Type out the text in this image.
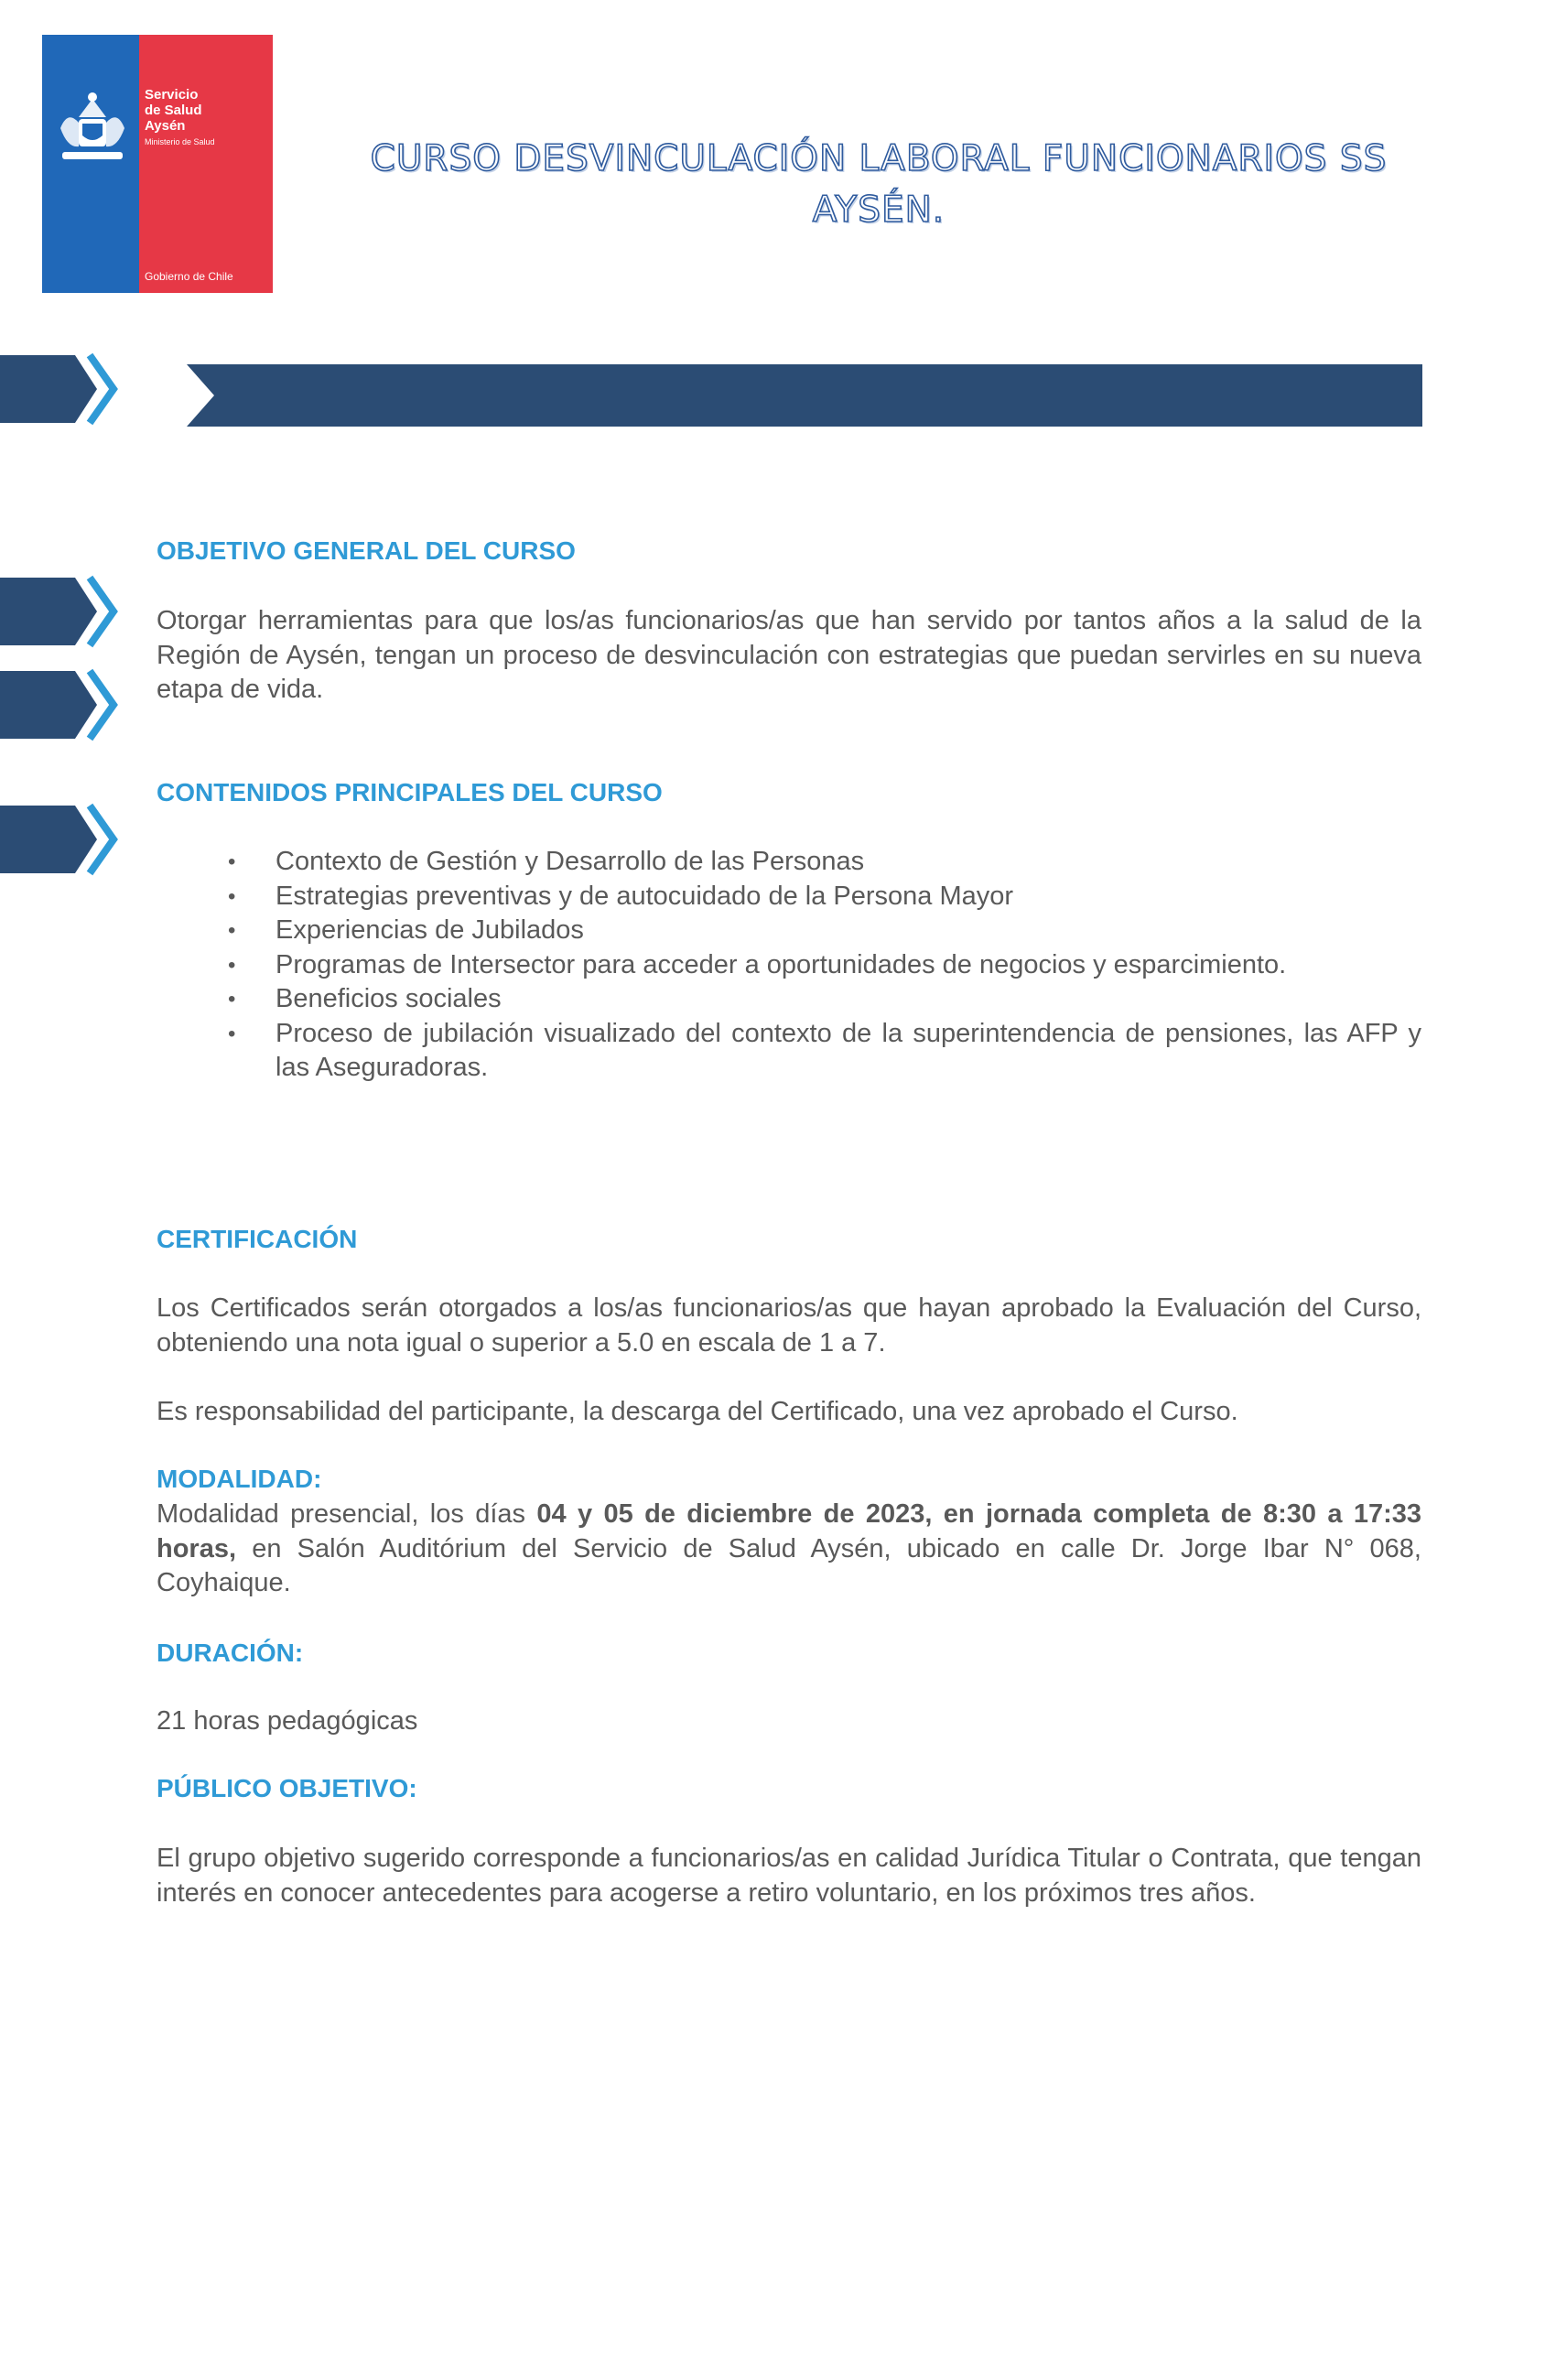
Servicio
de Salud
Aysén
Ministerio de Salud
Gobierno de Chile
CURSO DESVINCULACIÓN LABORAL FUNCIONARIOS SS AYSÉN.
OBJETIVO GENERAL DEL CURSO
Otorgar herramientas para que los/as funcionarios/as que han servido por tantos años a la salud de la Región de Aysén, tengan un proceso de desvinculación con estrategias que puedan servirles en su nueva etapa de vida.
CONTENIDOS PRINCIPALES DEL CURSO
• Contexto de Gestión y Desarrollo de las Personas
• Estrategias preventivas y de autocuidado de la Persona Mayor
• Experiencias de Jubilados
• Programas de Intersector para acceder a oportunidades de negocios y esparcimiento.
• Beneficios sociales
• Proceso de jubilación visualizado del contexto de la superintendencia de pensiones, las AFP y las Aseguradoras.
CERTIFICACIÓN
Los Certificados serán otorgados a los/as funcionarios/as que hayan aprobado la Evaluación del Curso, obteniendo una nota igual o superior a 5.0 en escala de 1 a 7.
Es responsabilidad del participante, la descarga del Certificado, una vez aprobado el Curso.
MODALIDAD:
Modalidad presencial, los días 04 y 05 de diciembre de 2023, en jornada completa de 8:30 a 17:33 horas, en Salón Auditórium del Servicio de Salud Aysén, ubicado en calle Dr. Jorge Ibar N° 068, Coyhaique.
DURACIÓN:
21 horas pedagógicas
PÚBLICO OBJETIVO:
El grupo objetivo sugerido corresponde a funcionarios/as en calidad Jurídica Titular o Contrata, que tengan interés en conocer antecedentes para acogerse a retiro voluntario, en los próximos tres años.
